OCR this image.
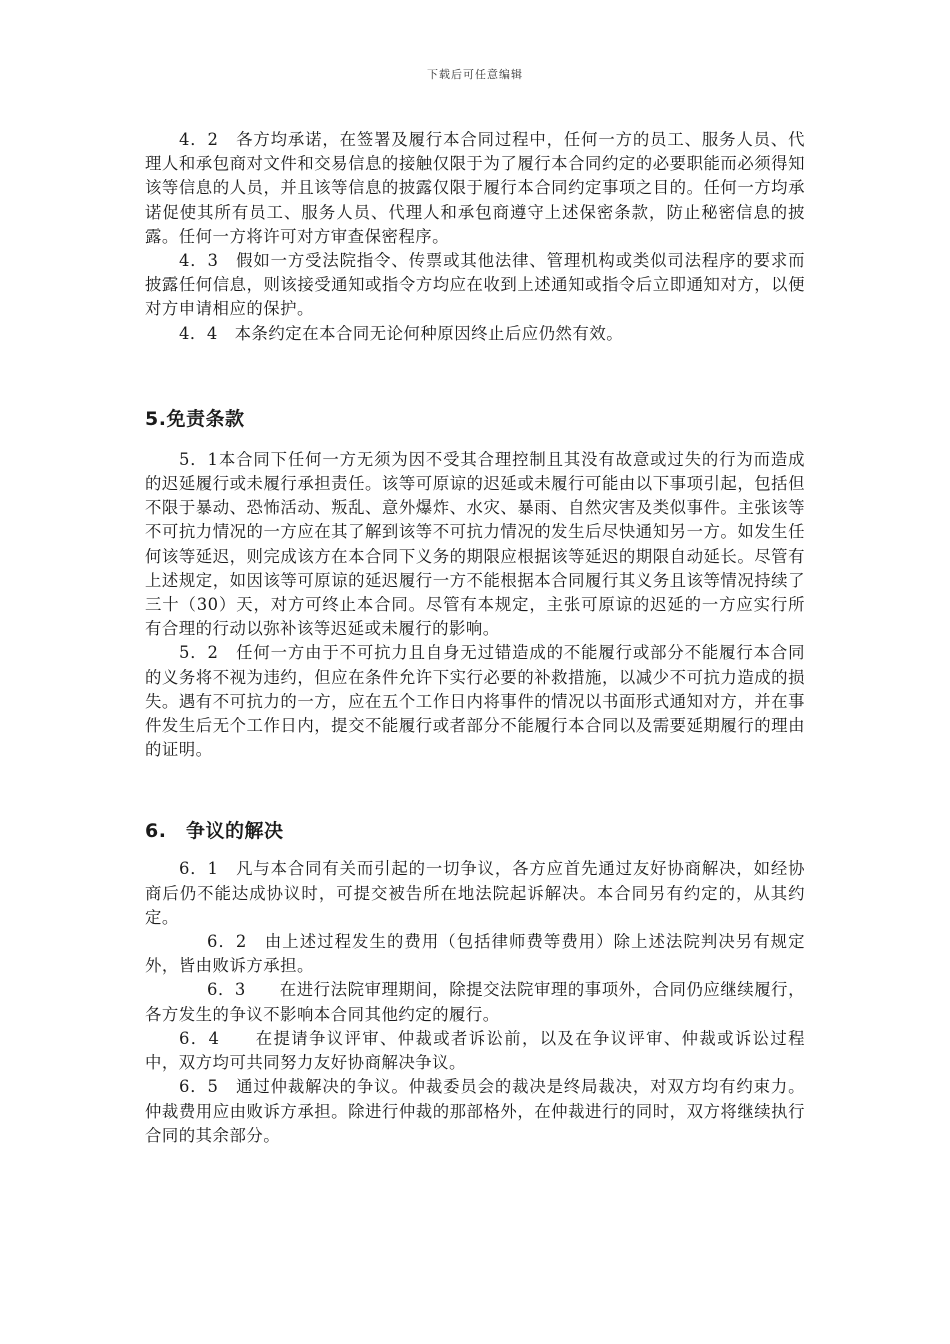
下载后可任意编辑

4．2　各方均承诺，在签署及履行本合同过程中，任何一方的员工、服务人员、代理人和承包商对文件和交易信息的接触仅限于为了履行本合同约定的必要职能而必须得知该等信息的人员，并且该等信息的披露仅限于履行本合同约定事项之目的。任何一方均承诺促使其所有员工、服务人员、代理人和承包商遵守上述保密条款，防止秘密信息的披露。任何一方将许可对方审查保密程序。

4．3　假如一方受法院指令、传票或其他法律、管理机构或类似司法程序的要求而披露任何信息，则该接受通知或指令方均应在收到上述通知或指令后立即通知对方，以便对方申请相应的保护。

4．4　本条约定在本合同无论何种原因终止后应仍然有效。

5.免责条款

5．1本合同下任何一方无须为因不受其合理控制且其没有故意或过失的行为而造成的迟延履行或未履行承担责任。该等可原谅的迟延或未履行可能由以下事项引起，包括但不限于暴动、恐怖活动、叛乱、意外爆炸、水灾、暴雨、自然灾害及类似事件。主张该等不可抗力情况的一方应在其了解到该等不可抗力情况的发生后尽快通知另一方。如发生任何该等延迟，则完成该方在本合同下义务的期限应根据该等延迟的期限自动延长。尽管有上述规定，如因该等可原谅的延迟履行一方不能根据本合同履行其义务且该等情况持续了三十（30）天，对方可终止本合同。尽管有本规定，主张可原谅的迟延的一方应实行所有合理的行动以弥补该等迟延或未履行的影响。

5．2　任何一方由于不可抗力且自身无过错造成的不能履行或部分不能履行本合同的义务将不视为违约，但应在条件允许下实行必要的补救措施，以减少不可抗力造成的损失。遇有不可抗力的一方，应在五个工作日内将事件的情况以书面形式通知对方，并在事件发生后无个工作日内，提交不能履行或者部分不能履行本合同以及需要延期履行的理由的证明。

6.　争议的解决

6．1　凡与本合同有关而引起的一切争议，各方应首先通过友好协商解决，如经协商后仍不能达成协议时，可提交被告所在地法院起诉解决。本合同另有约定的，从其约定。

6．2　由上述过程发生的费用（包括律师费等费用）除上述法院判决另有规定外，皆由败诉方承担。

6．3　　在进行法院审理期间，除提交法院审理的事项外，合同仍应继续履行，各方发生的争议不影响本合同其他约定的履行。

6．4　　在提请争议评审、仲裁或者诉讼前，以及在争议评审、仲裁或诉讼过程中，双方均可共同努力友好协商解决争议。

6．5　通过仲裁解决的争议。仲裁委员会的裁决是终局裁决，对双方均有约束力。仲裁费用应由败诉方承担。除进行仲裁的那部格外，在仲裁进行的同时，双方将继续执行合同的其余部分。
